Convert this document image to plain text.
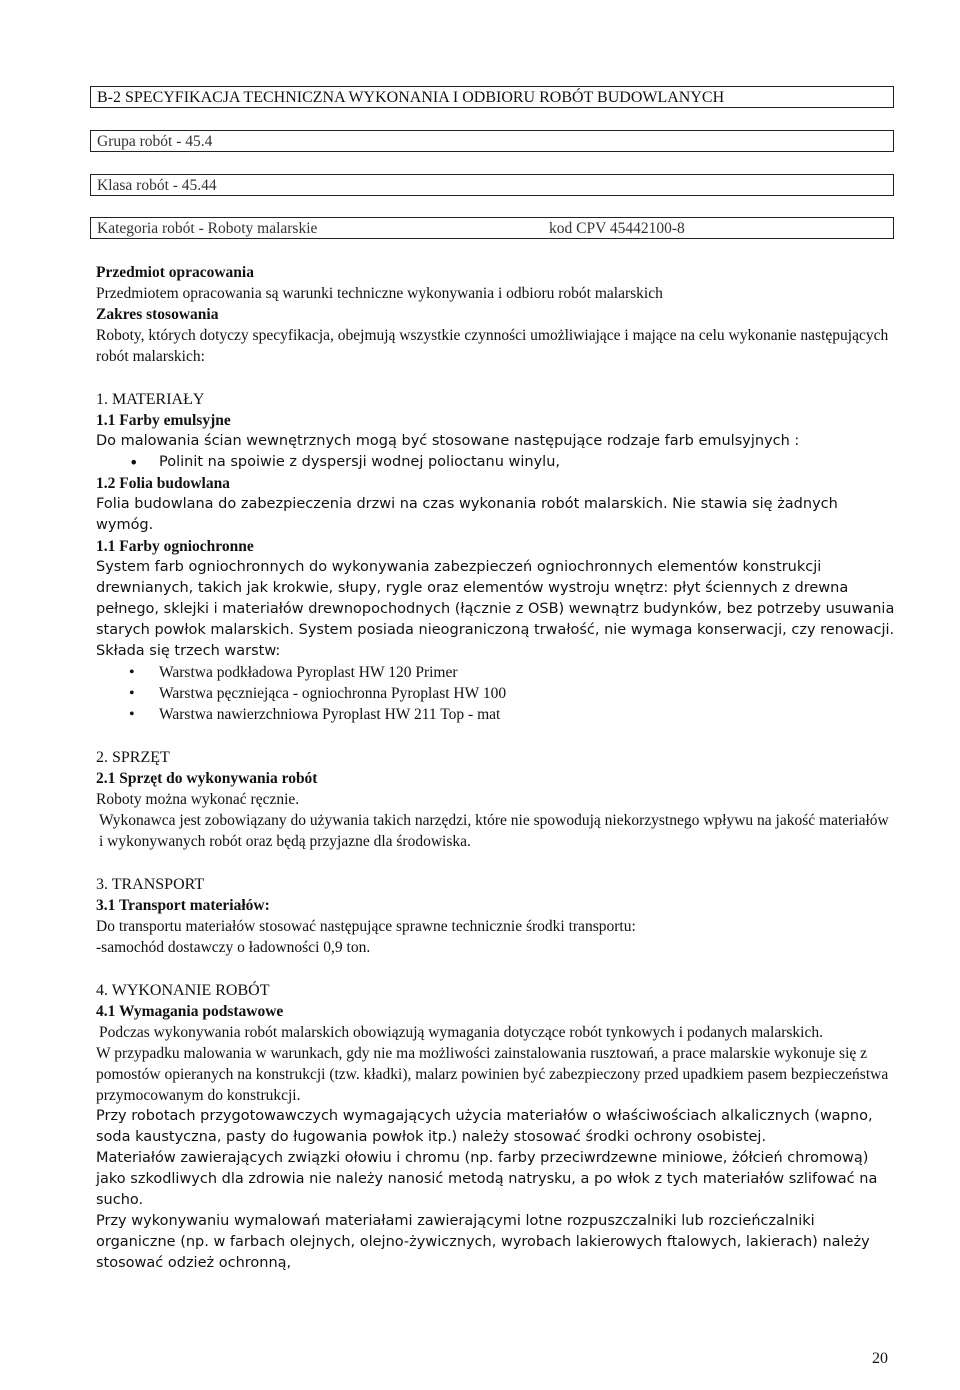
B-2 SPECYFIKACJA TECHNICZNA WYKONANIA I ODBIORU ROBÓT BUDOWLANYCH
Grupa robót - 45.4
Klasa robót - 45.44
Kategoria robót - Roboty malarskie	kod CPV 45442100-8

Przedmiot opracowania

Przedmiotem opracowania są warunki techniczne wykonywania i odbioru robót malarskich

Zakres stosowania

Roboty, których dotyczy specyfikacja, obejmują wszystkie czynności umożliwiające i mające na celu wykonanie następujących robót malarskich:

1. MATERIAŁY

1.1 Farby emulsyjne

Do malowania ścian wewnętrznych mogą być stosowane następujące rodzaje farb emulsyjnych :

• Polinit na spoiwie z dyspersji wodnej polioctanu winylu,

1.2 Folia budowlana

Folia budowlana do zabezpieczenia drzwi na czas wykonania robót malarskich. Nie stawia się żadnych wymóg.

1.1 Farby ogniochronne

System farb ogniochronnych do wykonywania zabezpieczeń ogniochronnych elementów konstrukcji drewnianych, takich jak krokwie, słupy, rygle oraz elementów wystroju wnętrz: płyt ściennych z drewna pełnego, sklejki i materiałów drewnopochodnych (łącznie z OSB) wewnątrz budynków, bez potrzeby usuwania starych powłok malarskich. System posiada nieograniczoną trwałość, nie wymaga konserwacji, czy renowacji.

Składa się trzech warstw:

• Warstwa podkładowa Pyroplast HW 120 Primer
• Warstwa pęczniejąca - ogniochronna Pyroplast HW 100
• Warstwa nawierzchniowa Pyroplast HW 211 Top - mat

2. SPRZĘT

2.1 Sprzęt do wykonywania robót

Roboty można wykonać ręcznie.

Wykonawca jest zobowiązany do używania takich narzędzi, które nie spowodują niekorzystnego wpływu na jakość materiałów i wykonywanych robót oraz będą przyjazne dla środowiska.

3. TRANSPORT

3.1 Transport materiałów:

Do transportu materiałów stosować następujące sprawne technicznie środki transportu:

-samochód dostawczy o ładowności 0,9 ton.

4. WYKONANIE ROBÓT

4.1 Wymagania podstawowe

Podczas wykonywania robót malarskich obowiązują wymagania dotyczące robót tynkowych i podanych malarskich.

W przypadku malowania w warunkach, gdy nie ma możliwości zainstalowania rusztowań, a prace malarskie wykonuje się z pomostów opieranych na konstrukcji (tzw. kładki), malarz powinien być zabezpieczony przed upadkiem pasem bezpieczeństwa przymocowanym do konstrukcji.

Przy robotach przygotowawczych wymagających użycia materiałów o właściwościach alkalicznych (wapno, soda kaustyczna, pasty do ługowania powłok itp.) należy stosować środki ochrony osobistej.

Materiałów zawierających związki ołowiu i chromu (np. farby przeciwrdzewne miniowe, żółcień chromową) jako szkodliwych dla zdrowia nie należy nanosić metodą natrysku, a po włok z tych materiałów szlifować na sucho.

Przy wykonywaniu wymalowań materiałami zawierającymi lotne rozpuszczalniki lub rozcieńczalniki organiczne (np. w farbach olejnych, olejno-żywicznych, wyrobach lakierowych ftalowych, lakierach) należy stosować odzież ochronną,

20
